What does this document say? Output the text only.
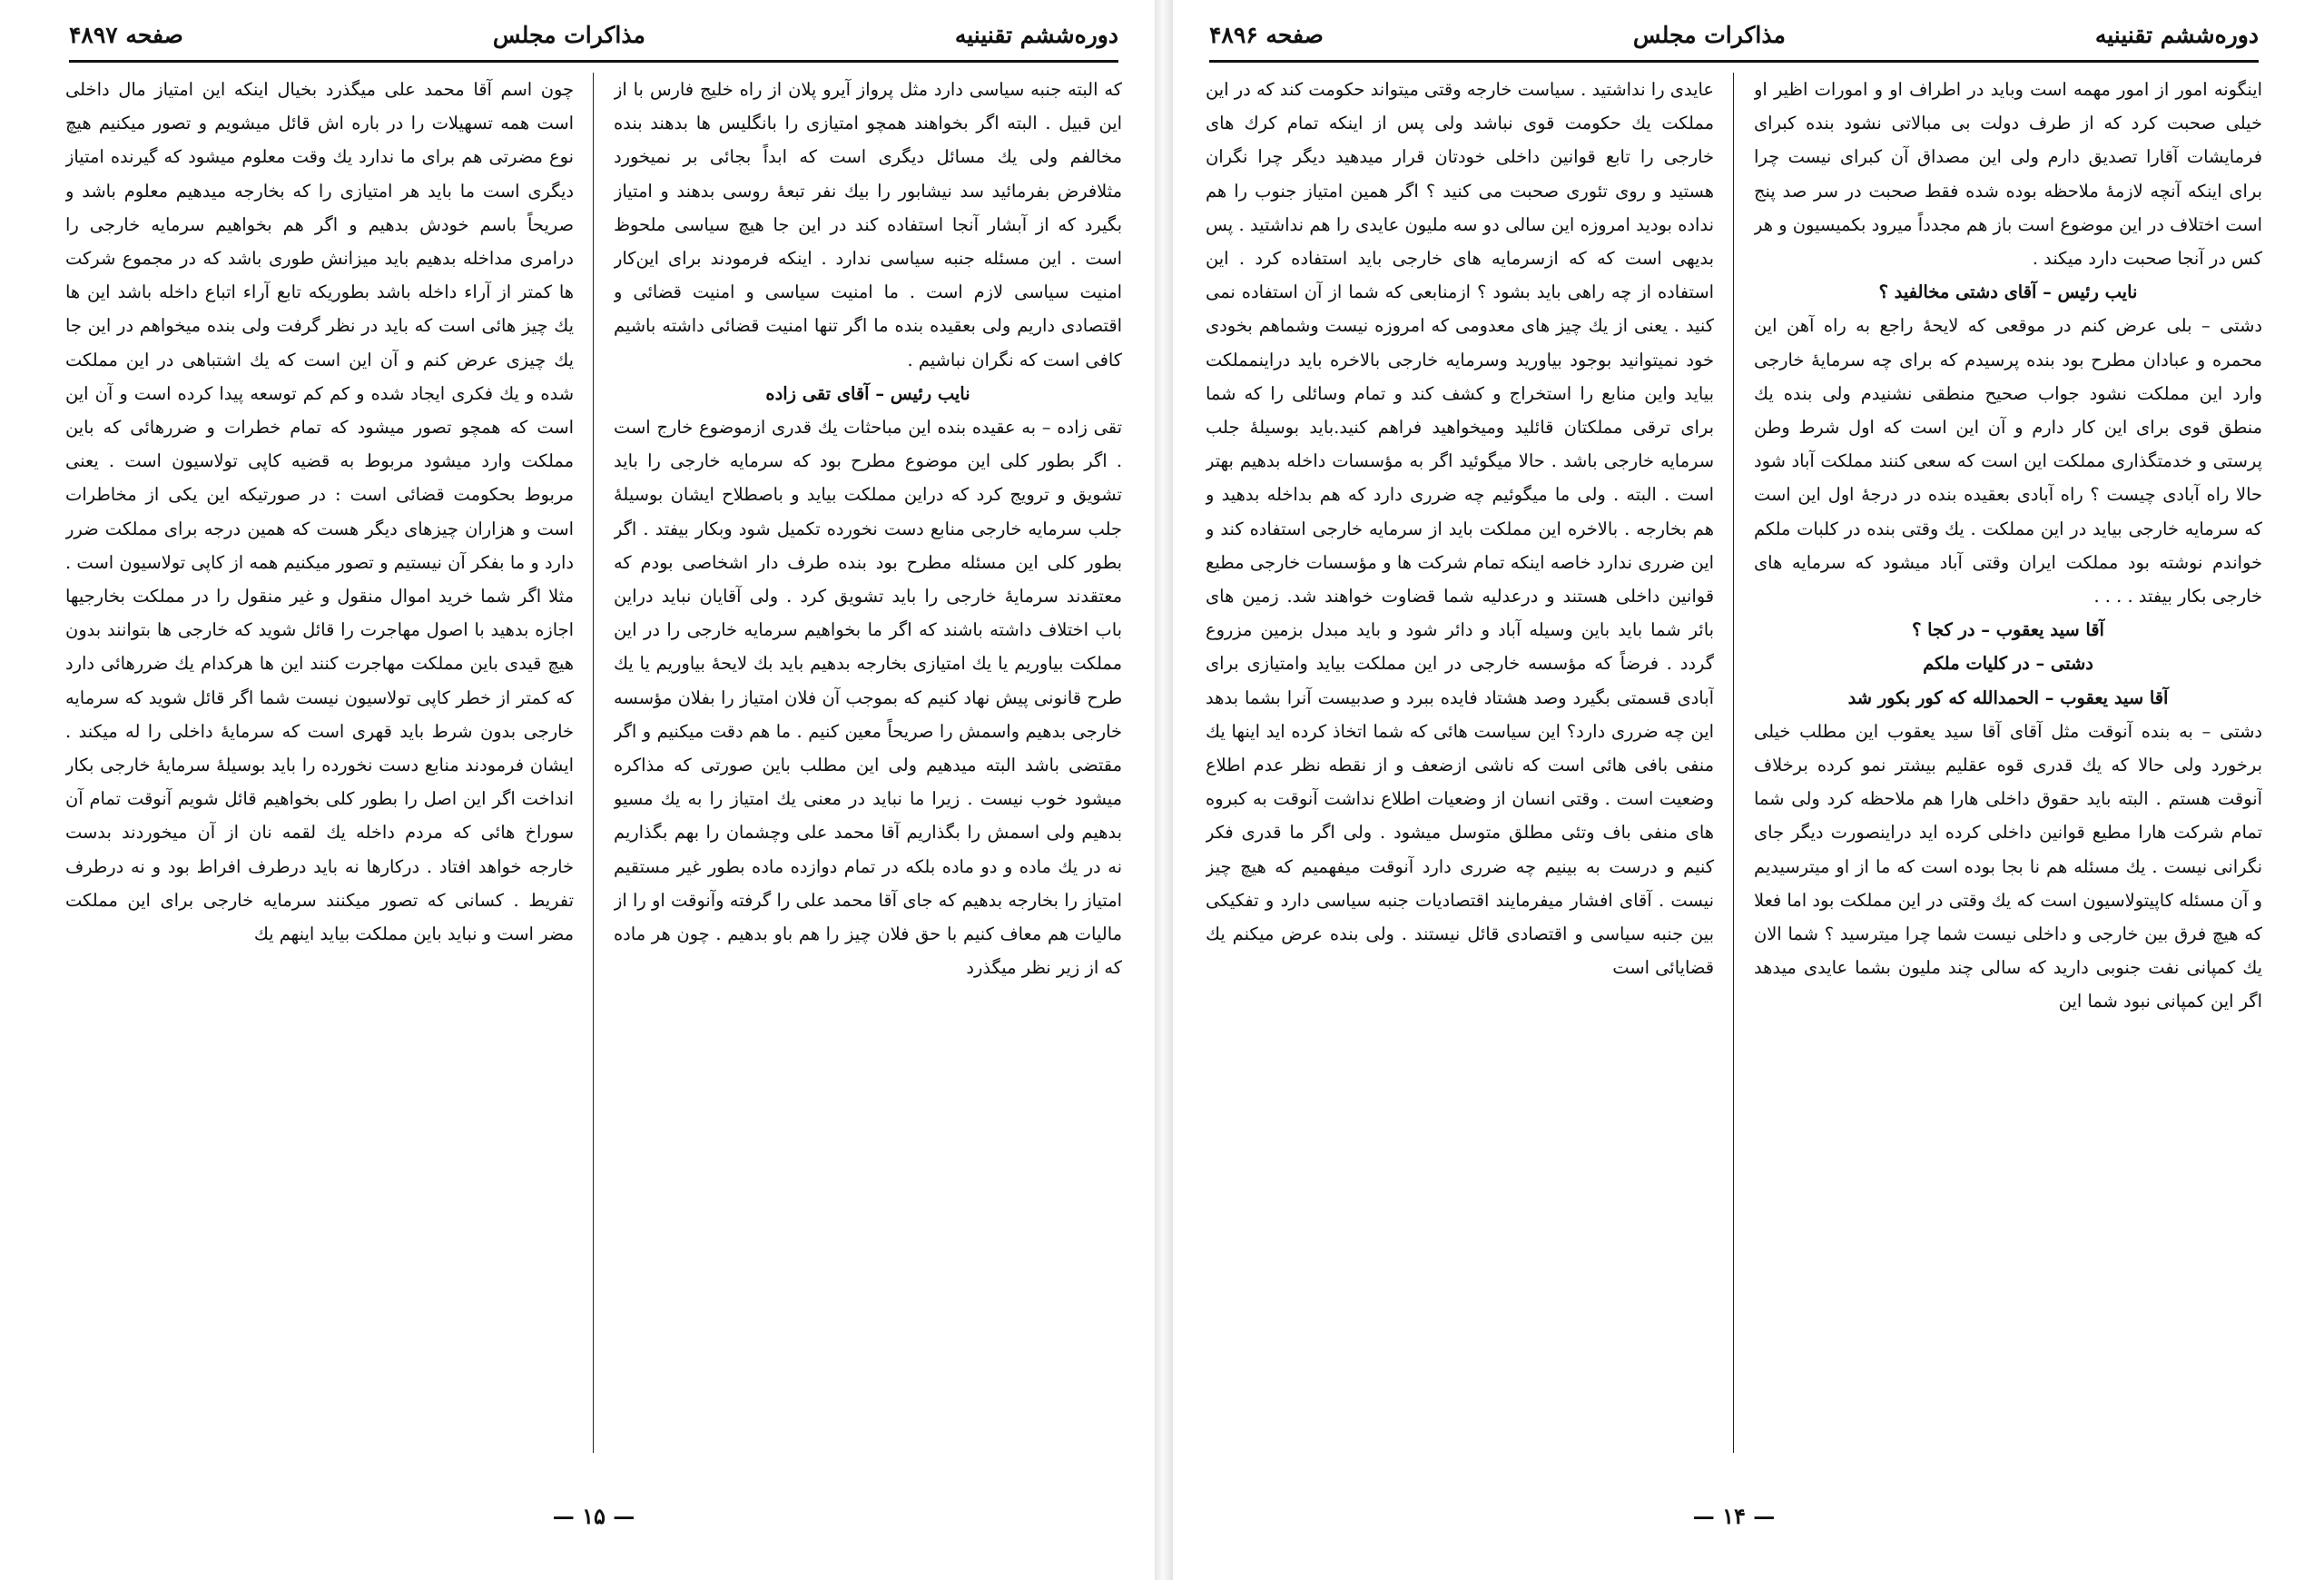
دوره‌ششم تقنینیه
مذاکرات مجلس
صفحه ۴۸۹۷

که البته جنبه سیاسی دارد مثل پرواز آیرو پلان از راه خلیج فارس با از این قبیل . البته اگر بخواهند همچو امتیازی را بانگلیس ها بدهند بنده مخالفم ولی یك مسائل دیگری است که ابداً بجائی بر نمیخورد مثلافرض بفرمائید سد نیشابور را بیك نفر تبعهٔ روسی بدهند و امتیاز بگیرد که از آبشار آنجا استفاده کند در این جا هیچ سیاسی ملحوظ است . این مسئله جنبه سیاسی ندارد . اینکه فرمودند برای این‌کار امنیت سیاسی لازم است . ما امنیت سیاسی و امنیت قضائی و اقتصادی داریم ولی بعقیده بنده ما اگر تنها امنیت قضائی داشته باشیم کافی است که نگران نباشیم .

نایب رئیس – آقای تقی زاده

تقی زاده – به عقیده بنده این مباحثات یك قدری ازموضوع خارج است . اگر بطور کلی این موضوع مطرح بود که سرمایه خارجی را باید تشویق و ترویج کرد که دراین مملکت بیاید و باصطلاح ایشان بوسیلهٔ جلب سرمایه خارجی منابع دست نخورده تکمیل شود وبکار بیفتد . اگر بطور کلی این مسئله مطرح بود بنده طرف دار اشخاصی بودم که معتقدند سرمایهٔ خارجی را باید تشویق کرد . ولی آقایان نباید دراین باب اختلاف داشته باشند که اگر ما بخواهیم سرمایه خارجی را در این مملکت بیاوریم یا یك امتیازی بخارجه بدهیم باید بك لایحهٔ بیاوریم یا یك طرح قانونی پیش نهاد کنیم که بموجب آن فلان امتیاز را بفلان مؤسسه خارجی بدهیم واسمش را صریحاً معین کنیم . ما هم دقت میکنیم و اگر مقتضی باشد البته میدهیم ولی این مطلب باین صورتی که مذاکره میشود خوب نیست . زیرا ما نباید در معنی یك امتیاز را به یك مسیو بدهیم ولی اسمش را بگذاریم آقا محمد علی وچشمان را بهم بگذاریم نه در یك ماده و دو ماده بلکه در تمام دوازده ماده بطور غیر مستقیم امتیاز را بخارجه بدهیم که جای آقا محمد علی را گرفته وآنوقت او را از مالیات هم معاف کنیم با حق فلان چیز را هم باو بدهیم . چون هر ماده که از زیر نظر میگذرد

چون اسم آقا محمد علی میگذرد بخیال اینکه این امتیاز مال داخلی است همه تسهیلات را در باره اش قائل میشویم و تصور میکنیم هیچ نوع مضرتی هم برای ما ندارد یك وقت معلوم میشود که گیرنده امتیاز دیگری است ما باید هر امتیازی را که بخارجه میدهیم معلوم باشد و صریحاً باسم خودش بدهیم و اگر هم بخواهیم سرمایه خارجی را درامری مداخله بدهیم باید میزانش طوری باشد که در مجموع شرکت ها کمتر از آراء داخله باشد بطوریکه تابع آراء اتباع داخله باشد این ها یك چیز هائی است که باید در نظر گرفت ولی بنده میخواهم در این جا یك چیزی عرض کنم و آن این است که یك اشتباهی در این مملکت شده و یك فکری ایجاد شده و کم کم توسعه پیدا کرده است و آن این است که همچو تصور میشود که تمام خطرات و ضررهائی که باین مملکت وارد میشود مربوط به قضیه کاپی تولاسیون است . یعنی مربوط بحکومت قضائی است : در صورتیکه این یکی از مخاطرات است و هزاران چیزهای دیگر هست که همین درجه برای مملکت ضرر دارد و ما بفکر آن نیستیم و تصور میکنیم همه از کاپی تولاسیون است . مثلا اگر شما خرید اموال منقول و غیر منقول را در مملکت بخارجیها اجازه بدهید با اصول مهاجرت را قائل شوید که خارجی ها بتوانند بدون هیچ قیدی باین مملکت مهاجرت کنند این ها هرکدام یك ضررهائی دارد که کمتر از خطر کاپی تولاسیون نیست شما اگر قائل شوید که سرمایه خارجی بدون شرط باید قهری است که سرمایهٔ داخلی را له میکند . ایشان فرمودند منابع دست نخورده را باید بوسیلهٔ سرمایهٔ خارجی بکار انداخت اگر این اصل را بطور کلی بخواهیم قائل شویم آنوقت تمام آن سوراخ هائی که مردم داخله یك لقمه نان از آن میخوردند بدست خارجه خواهد افتاد . درکارها نه باید درطرف افراط بود و نه درطرف تفریط . کسانی که تصور میکنند سرمایه خارجی برای این مملکت مضر است و نباید باین مملکت بیاید اینهم یك

— ۱۵ —
دوره‌ششم تقنینیه
مذاکرات مجلس
صفحه ۴۸۹۶

اینگونه امور از امور مهمه است وباید در اطراف او و امورات اظیر او خیلی صحبت کرد که از طرف دولت بی مبالاتی نشود بنده کبرای فرمایشات آقارا تصدیق دارم ولی این مصداق آن کبرای نیست چرا برای اینکه آنچه لازمهٔ ملاحظه بوده شده فقط صحبت در سر صد پنج است اختلاف در این موضوع است باز هم مجدداً میرود بکمیسیون و هر کس در آنجا صحبت دارد میکند .

نایب رئیس – آقای دشتی مخالفید ؟

دشتی – بلی عرض کنم در موقعی که لایحهٔ راجع به راه آهن این محمره و عبادان مطرح بود بنده پرسیدم که برای چه سرمایهٔ خارجی وارد این مملکت نشود جواب صحیح منطقی نشنیدم ولی بنده یك منطق قوی برای این کار دارم و آن این است که اول شرط وطن پرستی و خدمتگذاری مملکت این است که سعی کنند مملکت آباد شود حالا راه آبادی چیست ؟ راه آبادی بعقیده بنده در درجهٔ اول این است که سرمایه خارجی بیاید در این مملکت . یك وقتی بنده در کلبات ملکم خواندم نوشته بود مملکت ایران وقتی آباد میشود که سرمایه های خارجی بکار بیفتد . . . .

آقا سید یعقوب – در کجا ؟

دشتی – در کلیات ملکم

آقا سید یعقوب – الحمدالله که کور بکور شد

دشتی – به بنده آنوقت مثل آقای آقا سید یعقوب این مطلب خیلی برخورد ولی حالا که یك قدری قوه عقلیم بیشتر نمو کرده برخلاف آنوقت هستم . البته باید حقوق داخلی هارا هم ملاحظه کرد ولی شما تمام شرکت هارا مطیع قوانین داخلی کرده اید دراینصورت دیگر جای نگرانی نیست . یك مسئله هم نا بجا بوده است که ما از او میترسیدیم و آن مسئله کاپیتولاسیون است که یك وقتی در این مملکت بود اما فعلا که هیچ فرق بین خارجی و داخلی نیست شما چرا میترسید ؟ شما الان یك کمپانی نفت جنوبی دارید که سالی چند ملیون بشما عایدی میدهد اگر این کمپانی نبود شما این

عایدی را نداشتید . سیاست خارجه وقتی میتواند حکومت کند که در این مملکت یك حکومت قوی نباشد ولی پس از اینکه تمام کرك های خارجی را تابع قوانین داخلی خودتان قرار میدهید دیگر چرا نگران هستید و روی تئوری صحبت می کنید ؟ اگر همین امتیاز جنوب را هم نداده بودید امروزه این سالی دو سه ملیون عایدی را هم نداشتید . پس بدیهی است که که ازسرمایه های خارجی باید استفاده کرد . این استفاده از چه راهی باید بشود ؟ ازمنابعی که شما از آن استفاده نمی کنید . یعنی از یك چیز های معدومی که امروزه نیست وشماهم بخودی خود نمیتوانید بوجود بیاورید وسرمایه خارجی بالاخره باید دراینمملکت بیاید واین منابع را استخراج و کشف کند و تمام وسائلی را که شما برای ترقی مملکتان قائلید ومیخواهید فراهم کنید.باید بوسیلهٔ جلب سرمایه خارجی باشد . حالا میگوئید اگر به مؤسسات داخله بدهیم بهتر است . البته . ولی ما میگوئیم چه ضرری دارد که هم بداخله بدهید و هم بخارجه . بالاخره این مملکت باید از سرمایه خارجی استفاده کند و این ضرری ندارد خاصه اینکه تمام شرکت ها و مؤسسات خارجی مطیع قوانین داخلی هستند و درعدلیه شما قضاوت خواهند شد. زمین های بائر شما باید باین وسیله آباد و دائر شود و باید مبدل بزمین مزروع گردد . فرضاً که مؤسسه خارجی در این مملکت بیاید وامتیازی برای آبادی قسمتی بگیرد وصد هشتاد فایده ببرد و صدبیست آنرا بشما بدهد این چه ضرری دارد؟ این سیاست هائی که شما اتخاذ کرده اید اینها یك منفی بافی هائی است که ناشی ازضعف و از نقطه نظر عدم اطلاع وضعیت است . وقتی انسان از وضعیات اطلاع نداشت آنوقت به کبروه های منفی باف وتئی مطلق متوسل میشود . ولی اگر ما قدری فکر کنیم و درست به بینیم چه ضرری دارد آنوقت میفهمیم که هیچ چیز نیست . آقای افشار میفرمایند اقتصادیات جنبه سیاسی دارد و تفکیکی بین جنبه سیاسی و اقتصادی قائل نیستند . ولی بنده عرض میکنم یك قضایائی است

— ۱۴ —
